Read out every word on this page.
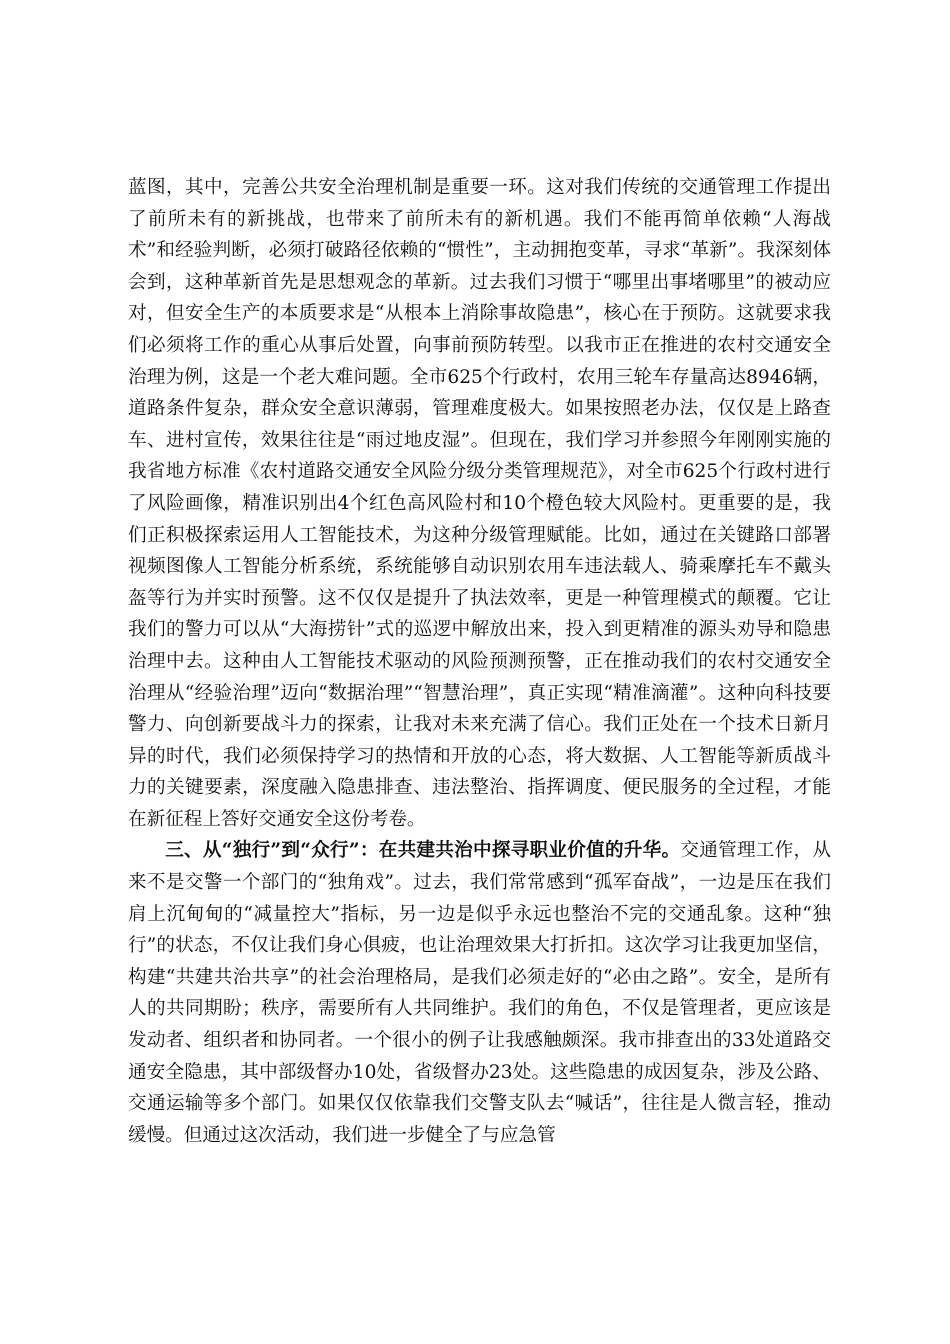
蓝图，其中，完善公共安全治理机制是重要一环。这对我们传统的交通管理工作提出了前所未有的新挑战，也带来了前所未有的新机遇。我们不能再简单依赖“人海战术”和经验判断，必须打破路径依赖的“惯性”，主动拥抱变革，寻求“革新”。我深刻体会到，这种革新首先是思想观念的革新。过去我们习惯于“哪里出事堵哪里”的被动应对，但安全生产的本质要求是“从根本上消除事故隐患”，核心在于预防。这就要求我们必须将工作的重心从事后处置，向事前预防转型。以我市正在推进的农村交通安全治理为例，这是一个老大难问题。全市625个行政村，农用三轮车存量高达8946辆，道路条件复杂，群众安全意识薄弱，管理难度极大。如果按照老办法，仅仅是上路查车、进村宣传，效果往往是“雨过地皮湿”。但现在，我们学习并参照今年刚刚实施的我省地方标准《农村道路交通安全风险分级分类管理规范》，对全市625个行政村进行了风险画像，精准识别出4个红色高风险村和10个橙色较大风险村。更重要的是，我们正积极探索运用人工智能技术，为这种分级管理赋能。比如，通过在关键路口部署视频图像人工智能分析系统，系统能够自动识别农用车违法载人、骑乘摩托车不戴头盔等行为并实时预警。这不仅仅是提升了执法效率，更是一种管理模式的颠覆。它让我们的警力可以从“大海捞针”式的巡逻中解放出来，投入到更精准的源头劝导和隐患治理中去。这种由人工智能技术驱动的风险预测预警，正在推动我们的农村交通安全治理从“经验治理”迈向“数据治理”“智慧治理”，真正实现“精准滴灌”。这种向科技要警力、向创新要战斗力的探索，让我对未来充满了信心。我们正处在一个技术日新月异的时代，我们必须保持学习的热情和开放的心态，将大数据、人工智能等新质战斗力的关键要素，深度融入隐患排查、违法整治、指挥调度、便民服务的全过程，才能在新征程上答好交通安全这份考卷。

三、从“独行”到“众行”：在共建共治中探寻职业价值的升华。交通管理工作，从来不是交警一个部门的“独角戏”。过去，我们常常感到“孤军奋战”，一边是压在我们肩上沉甸甸的“减量控大”指标，另一边是似乎永远也整治不完的交通乱象。这种“独行”的状态，不仅让我们身心俱疲，也让治理效果大打折扣。这次学习让我更加坚信，构建“共建共治共享”的社会治理格局，是我们必须走好的“必由之路”。安全，是所有人的共同期盼；秩序，需要所有人共同维护。我们的角色，不仅是管理者，更应该是发动者、组织者和协同者。一个很小的例子让我感触颇深。我市排查出的33处道路交通安全隐患，其中部级督办10处，省级督办23处。这些隐患的成因复杂，涉及公路、交通运输等多个部门。如果仅仅依靠我们交警支队去“喊话”，往往是人微言轻，推动缓慢。但通过这次活动，我们进一步健全了与应急管
